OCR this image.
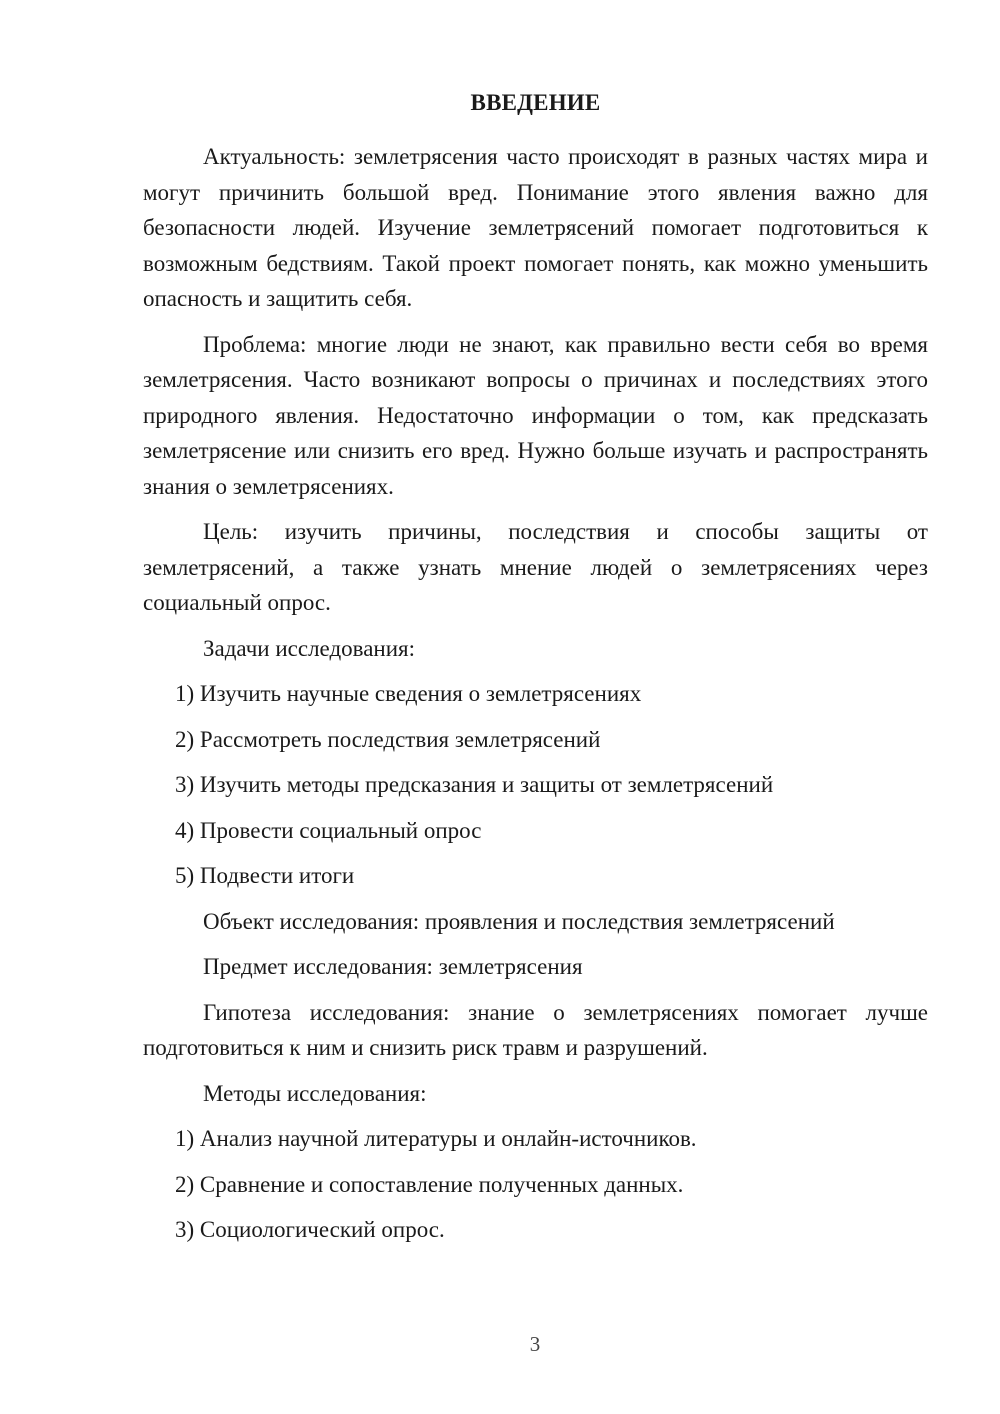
ВВЕДЕНИЕ

Актуальность: землетрясения часто происходят в разных частях мира и могут причинить большой вред. Понимание этого явления важно для безопасности людей. Изучение землетрясений помогает подготовиться к возможным бедствиям. Такой проект помогает понять, как можно уменьшить опасность и защитить себя.

Проблема: многие люди не знают, как правильно вести себя во время землетрясения. Часто возникают вопросы о причинах и последствиях этого природного явления. Недостаточно информации о том, как предсказать землетрясение или снизить его вред. Нужно больше изучать и распространять знания о землетрясениях.

Цель: изучить причины, последствия и способы защиты от землетрясений, а также узнать мнение людей о землетрясениях через социальный опрос.

Задачи исследования:
1) Изучить научные сведения о землетрясениях
2) Рассмотреть последствия землетрясений
3) Изучить методы предсказания и защиты от землетрясений
4) Провести социальный опрос
5) Подвести итоги
Объект исследования: проявления и последствия землетрясений
Предмет исследования: землетрясения

Гипотеза исследования: знание о землетрясениях помогает лучше подготовиться к ним и снизить риск травм и разрушений.

Методы исследования:
1) Анализ научной литературы и онлайн-источников.
2) Сравнение и сопоставление полученных данных.
3) Социологический опрос.
3
